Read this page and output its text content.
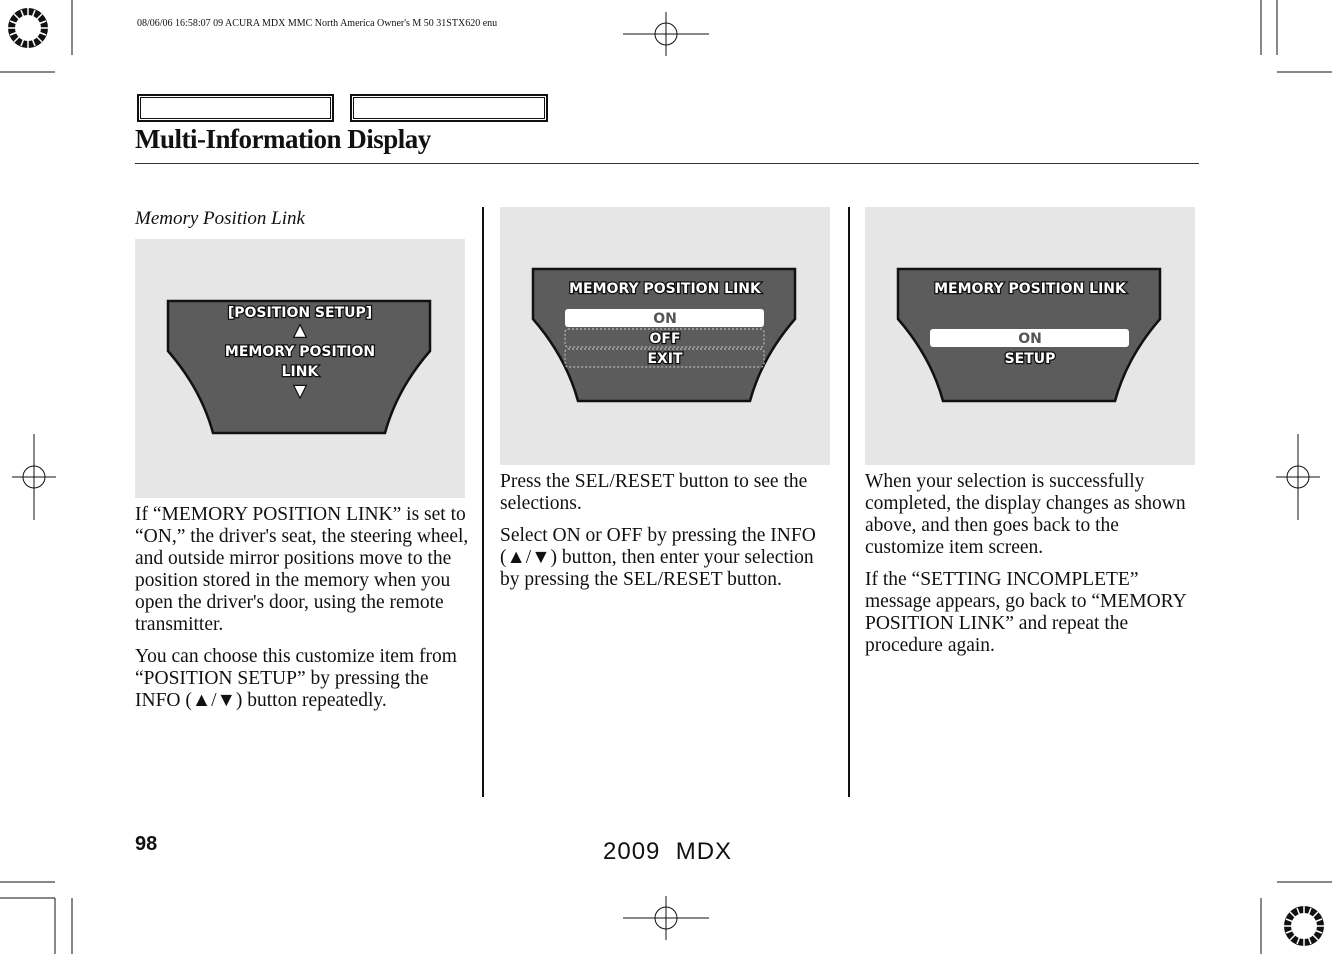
08/06/06 16:58:07 09 ACURA MDX MMC North America Owner's M 50 31STX620 enu
Multi-Information Display
Memory Position Link
[POSITION SETUP]
▲
MEMORY POSITION
LINK
▼

If “MEMORY POSITION LINK” is set to “ON,” the driver's seat, the steering wheel, and outside mirror positions move to the position stored in the memory when you open the driver's door, using the remote transmitter.

You can choose this customize item from “POSITION SETUP” by pressing the INFO (▲/▼) button repeatedly.

MEMORY POSITION LINK
ON
OFF
EXIT

Press the SEL/RESET button to see the selections.

Select ON or OFF by pressing the INFO (▲/▼) button, then enter your selection by pressing the SEL/RESET button.

MEMORY POSITION LINK
ON
SETUP

When your selection is successfully completed, the display changes as shown above, and then goes back to the customize item screen.

If the “SETTING INCOMPLETE” message appears, go back to “MEMORY POSITION LINK” and repeat the procedure again.

98	2009  MDX
